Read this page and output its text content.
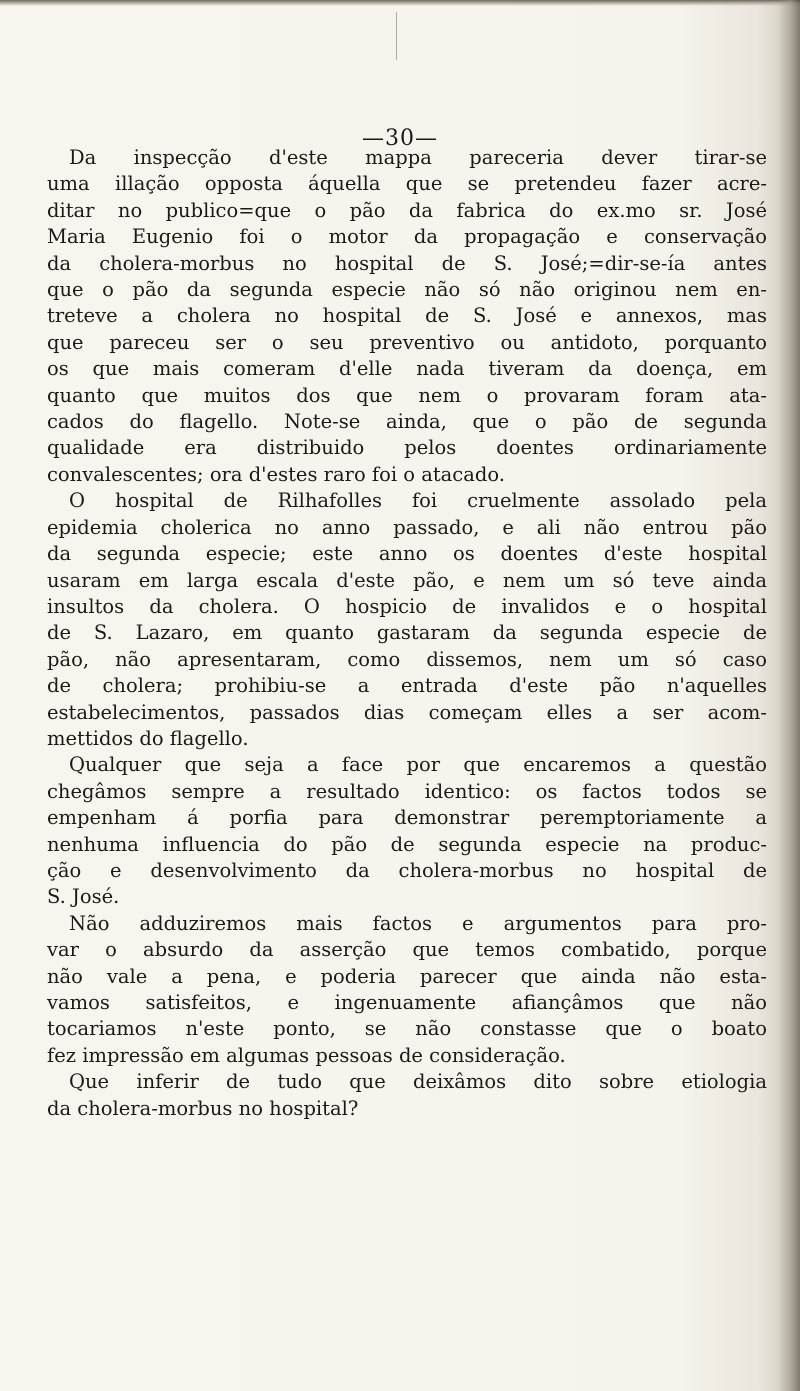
—30—

Da inspecção d'este mappa pareceria dever tirar-se
uma illação opposta áquella que se pretendeu fazer acre-
ditar no publico=que o pão da fabrica do ex.mo sr. José
Maria Eugenio foi o motor da propagação e conservação
da cholera-morbus no hospital de S. José;=dir-se-ía antes
que o pão da segunda especie não só não originou nem en-
treteve a cholera no hospital de S. José e annexos, mas
que pareceu ser o seu preventivo ou antidoto, porquanto
os que mais comeram d'elle nada tiveram da doença, em
quanto que muitos dos que nem o provaram foram ata-
cados do flagello. Note-se ainda, que o pão de segunda
qualidade era distribuido pelos doentes ordinariamente
convalescentes; ora d'estes raro foi o atacado.

O hospital de Rilhafolles foi cruelmente assolado pela
epidemia cholerica no anno passado, e ali não entrou pão
da segunda especie; este anno os doentes d'este hospital
usaram em larga escala d'este pão, e nem um só teve ainda
insultos da cholera. O hospicio de invalidos e o hospital
de S. Lazaro, em quanto gastaram da segunda especie de
pão, não apresentaram, como dissemos, nem um só caso
de cholera; prohibiu-se a entrada d'este pão n'aquelles
estabelecimentos, passados dias começam elles a ser acom-
mettidos do flagello.

Qualquer que seja a face por que encaremos a questão
chegâmos sempre a resultado identico: os factos todos se
empenham á porfia para demonstrar peremptoriamente a
nenhuma influencia do pão de segunda especie na produc-
ção e desenvolvimento da cholera-morbus no hospital de
S. José.

Não adduziremos mais factos e argumentos para pro-
var o absurdo da asserção que temos combatido, porque
não vale a pena, e poderia parecer que ainda não esta-
vamos satisfeitos, e ingenuamente afiançâmos que não
tocariamos n'este ponto, se não constasse que o boato
fez impressão em algumas pessoas de consideração.

Que inferir de tudo que deixâmos dito sobre etiologia
da cholera-morbus no hospital?
